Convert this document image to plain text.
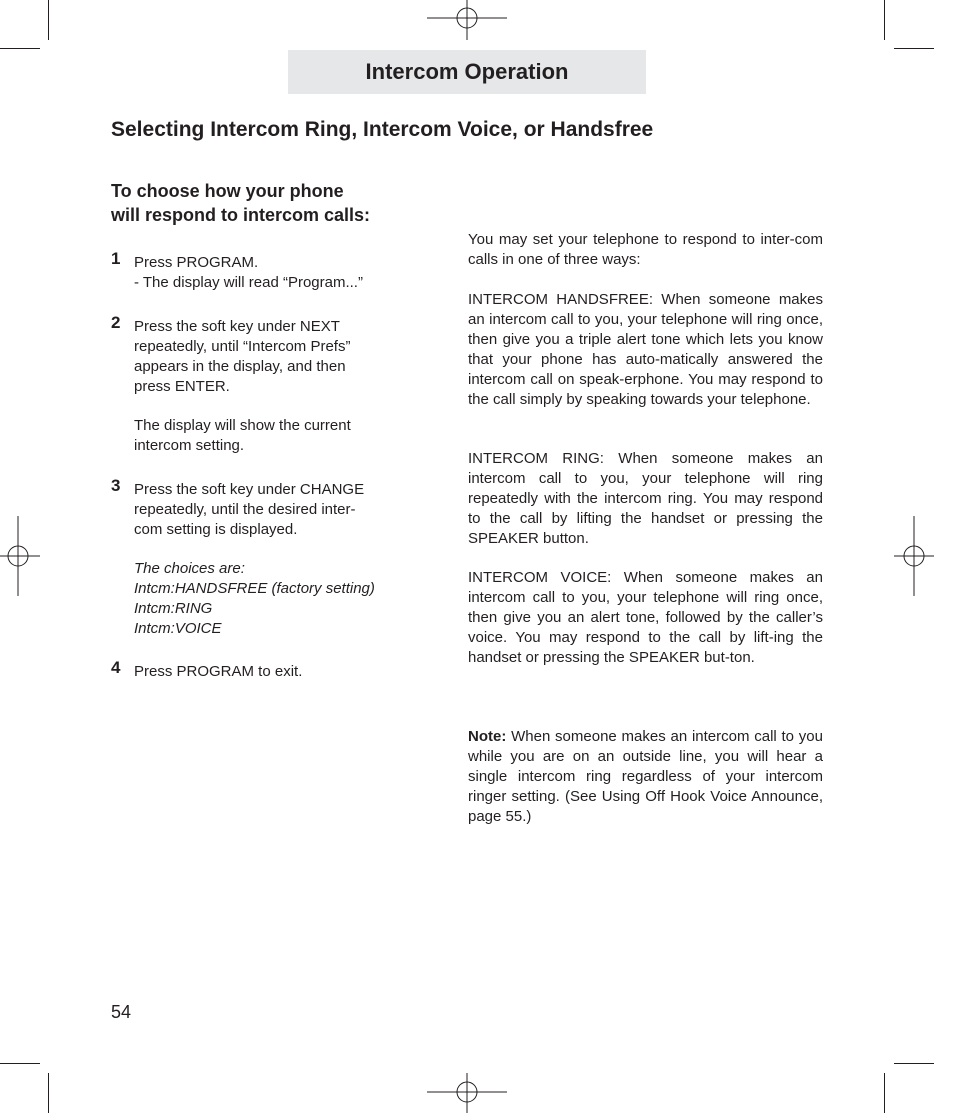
Intercom Operation
Selecting Intercom Ring, Intercom Voice, or Handsfree
To choose how your phone
will respond to intercom calls:
1 Press PROGRAM.

- The display will read “Program...”

2 Press the soft key under NEXT

repeatedly, until “Intercom Prefs”

appears in the display, and then

press ENTER.

The display will show the current

intercom setting.

3 Press the soft key under CHANGE

repeatedly, until the desired inter-

com setting is displayed.

The choices are:

Intcm:HANDSFREE (factory setting)

Intcm:RING

Intcm:VOICE

4 Press PROGRAM to exit.

You may set your telephone to respond to inter-com calls in one of three ways:

INTERCOM HANDSFREE: When someone makes an intercom call to you, your telephone will ring once, then give you a triple alert tone which lets you know that your phone has auto-matically answered the intercom call on speak-erphone. You may respond to the call simply by speaking towards your telephone.

INTERCOM RING: When someone makes an intercom call to you, your telephone will ring repeatedly with the intercom ring. You may respond to the call by lifting the handset or pressing the SPEAKER button.

INTERCOM VOICE: When someone makes an intercom call to you, your telephone will ring once, then give you an alert tone, followed by the caller’s voice. You may respond to the call by lift-ing the handset or pressing the SPEAKER but-ton.

Note: When someone makes an intercom call to you while you are on an outside line, you will hear a single intercom ring regardless of your intercom ringer setting. (See Using Off Hook Voice Announce, page 55.)

54
